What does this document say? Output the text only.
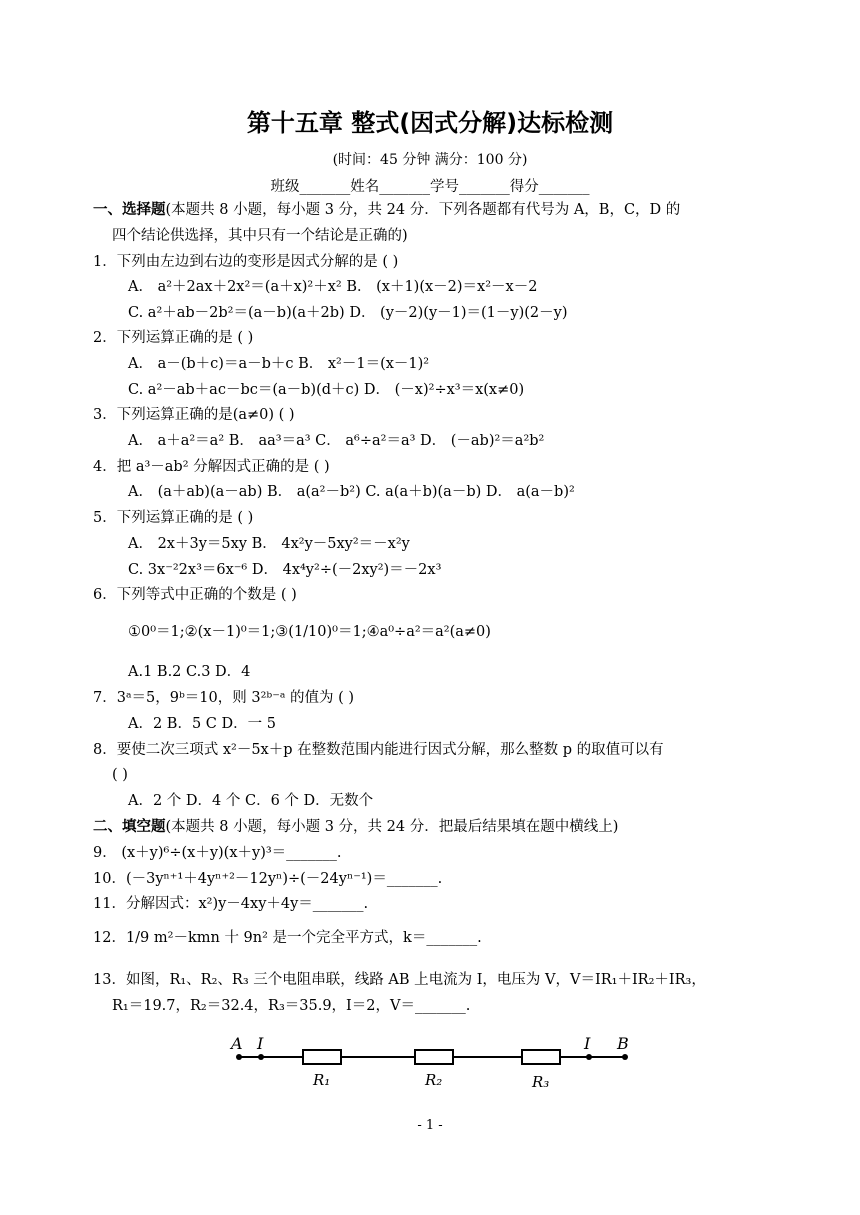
第十五章 整式(因式分解)达标检测
(时间：45 分钟 满分：100 分)
班级_______姓名_______学号_______得分_______
一、选择题(本题共 8 小题，每小题 3 分，共 24 分．下列各题都有代号为 A，B，C，D 的
四个结论供选择，其中只有一个结论是正确的)
1．下列由左边到右边的变形是因式分解的是 ( )
A． a²＋2ax＋2x²＝(a＋x)²＋x² B． (x＋1)(x－2)＝x²－x－2
C. a²＋ab－2b²＝(a－b)(a＋2b) D． (y－2)(y－1)＝(1－y)(2－y)
2．下列运算正确的是 ( )
A． a－(b＋c)＝a－b＋c B． x²－1＝(x－1)²
C. a²－ab＋ac－bc＝(a－b)(d＋c) D． (－x)²÷x³＝x(x≠0)
3．下列运算正确的是(a≠0) ( )
A． a＋a²＝a² B． aa³＝a³ C． a⁶÷a²＝a³ D． (－ab)²＝a²b²
4．把 a³－ab² 分解因式正确的是 ( )
A． (a＋ab)(a－ab) B． a(a²－b²) C. a(a＋b)(a－b) D． a(a－b)²
5．下列运算正确的是 ( )
A． 2x＋3y＝5xy B． 4x²y－5xy²＝－x²y
C. 3x⁻²2x³＝6x⁻⁶ D． 4x⁴y²÷(－2xy²)＝－2x³
6．下列等式中正确的个数是 ( )
①0⁰＝1;②(x－1)⁰＝1;③(1/10)⁰＝1;④a⁰÷a²＝a²(a≠0)
A.1 B.2 C.3 D．4
7．3ᵃ＝5，9ᵇ＝10，则 3²ᵇ⁻ᵃ 的值为 ( )
A．2 B．5 C D．一 5
8．要使二次三项式 x²－5x＋p 在整数范围内能进行因式分解，那么整数 p 的取值可以有
( )
A．2 个 D．4 个 C．6 个 D．无数个
二、填空题(本题共 8 小题，每小题 3 分，共 24 分．把最后结果填在题中横线上)
9． (x＋y)⁶÷(x＋y)(x＋y)³＝_______.
10．(－3yⁿ⁺¹＋4yⁿ⁺²－12yⁿ)÷(－24yⁿ⁻¹)＝_______.
11．分解因式：x²)y－4xy＋4y＝_______.
12．1/9 m²－kmn 十 9n² 是一个完全平方式，k＝_______.
13．如图，R₁、R₂、R₃ 三个电阻串联，线路 AB 上电流为 I，电压为 V，V＝IR₁＋IR₂＋IR₃，
R₁＝19.7，R₂＝32.4，R₃＝35.9，I＝2，V＝_______.
A I
R₁	R₂	R₃
I B
- 1 -
